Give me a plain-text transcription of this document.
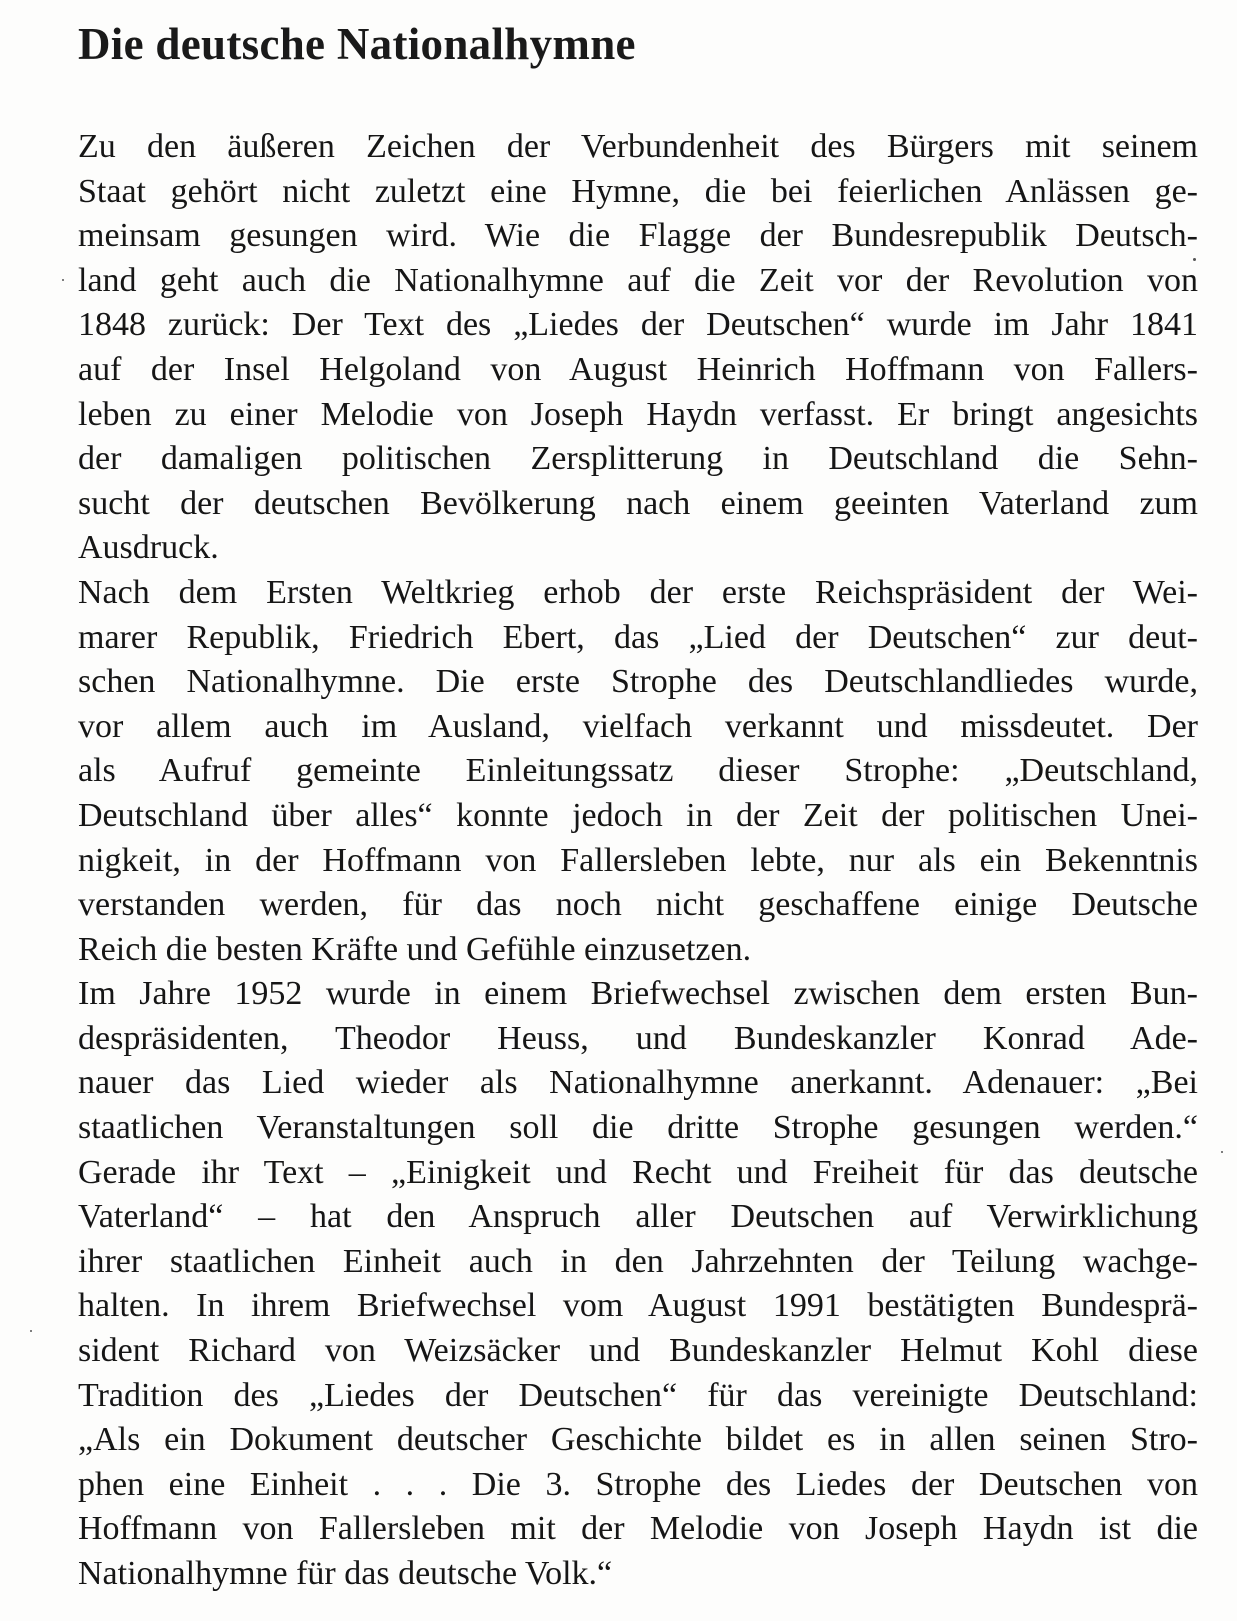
Die deutsche Nationalhymne
Zu den äußeren Zeichen der Verbundenheit des Bürgers mit seinem
Staat gehört nicht zuletzt eine Hymne, die bei feierlichen Anlässen ge-
meinsam gesungen wird. Wie die Flagge der Bundesrepublik Deutsch-
land geht auch die Nationalhymne auf die Zeit vor der Revolution von
1848 zurück: Der Text des „Liedes der Deutschen“ wurde im Jahr 1841
auf der Insel Helgoland von August Heinrich Hoffmann von Fallers-
leben zu einer Melodie von Joseph Haydn verfasst. Er bringt angesichts
der damaligen politischen Zersplitterung in Deutschland die Sehn-
sucht der deutschen Bevölkerung nach einem geeinten Vaterland zum
Ausdruck.
Nach dem Ersten Weltkrieg erhob der erste Reichspräsident der Wei-
marer Republik, Friedrich Ebert, das „Lied der Deutschen“ zur deut-
schen Nationalhymne. Die erste Strophe des Deutschlandliedes wurde,
vor allem auch im Ausland, vielfach verkannt und missdeutet. Der
als Aufruf gemeinte Einleitungssatz dieser Strophe: „Deutschland,
Deutschland über alles“ konnte jedoch in der Zeit der politischen Unei-
nigkeit, in der Hoffmann von Fallersleben lebte, nur als ein Bekenntnis
verstanden werden, für das noch nicht geschaffene einige Deutsche
Reich die besten Kräfte und Gefühle einzusetzen.
Im Jahre 1952 wurde in einem Briefwechsel zwischen dem ersten Bun-
despräsidenten, Theodor Heuss, und Bundeskanzler Konrad Ade-
nauer das Lied wieder als Nationalhymne anerkannt. Adenauer: „Bei
staatlichen Veranstaltungen soll die dritte Strophe gesungen werden.“
Gerade ihr Text – „Einigkeit und Recht und Freiheit für das deutsche
Vaterland“ – hat den Anspruch aller Deutschen auf Verwirklichung
ihrer staatlichen Einheit auch in den Jahrzehnten der Teilung wachge-
halten. In ihrem Briefwechsel vom August 1991 bestätigten Bundesprä-
sident Richard von Weizsäcker und Bundeskanzler Helmut Kohl diese
Tradition des „Liedes der Deutschen“ für das vereinigte Deutschland:
„Als ein Dokument deutscher Geschichte bildet es in allen seinen Stro-
phen eine Einheit . . . Die 3. Strophe des Liedes der Deutschen von
Hoffmann von Fallersleben mit der Melodie von Joseph Haydn ist die
Nationalhymne für das deutsche Volk.“
